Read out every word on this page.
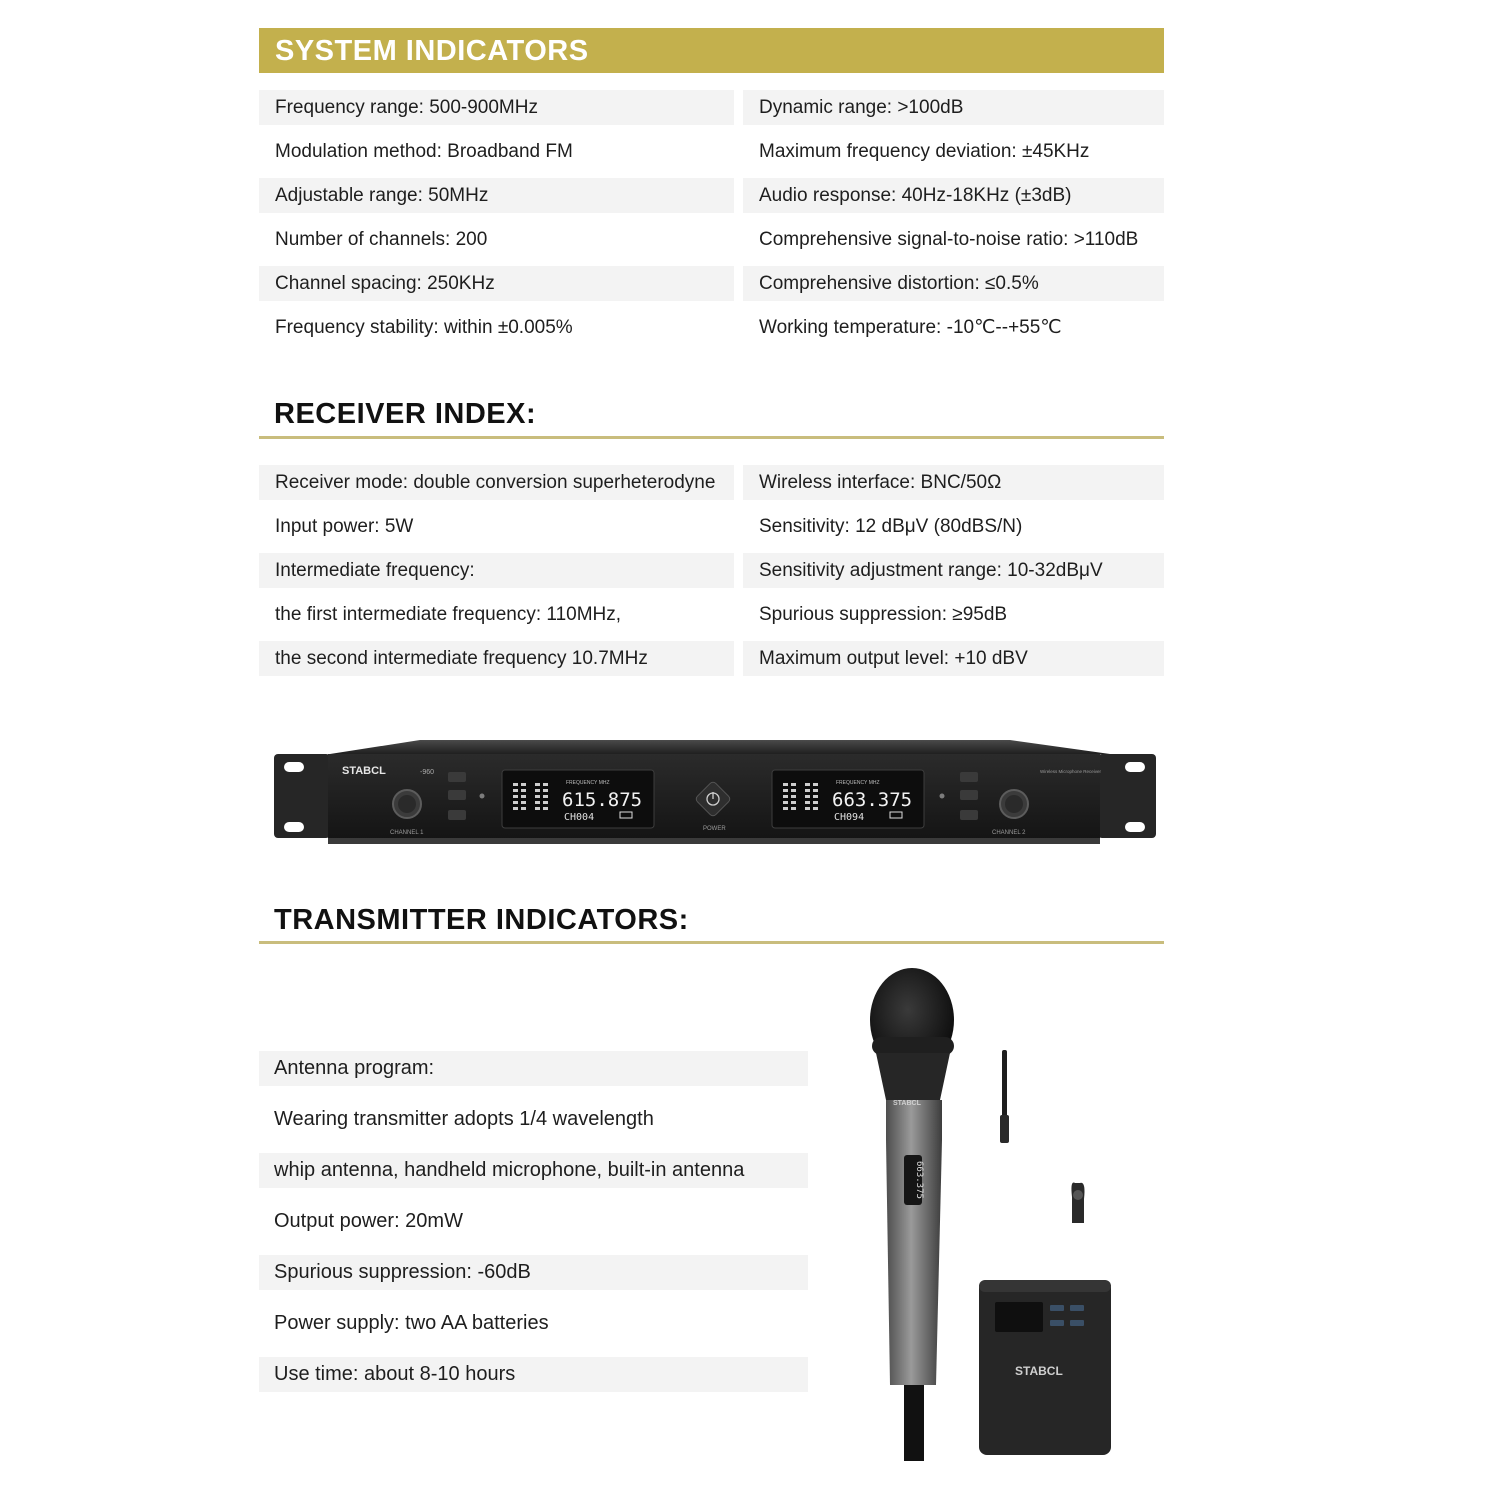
SYSTEM INDICATORS
Frequency range: 500-900MHz	Dynamic range: >100dB
Modulation method: Broadband FM	Maximum frequency deviation: ±45KHz
Adjustable range: 50MHz	Audio response: 40Hz-18KHz (±3dB)
Number of channels: 200	Comprehensive signal-to-noise ratio: >110dB
Channel spacing: 250KHz	Comprehensive distortion: ≤0.5%
Frequency stability: within ±0.005%	Working temperature: -10℃--+55℃
RECEIVER INDEX:
Receiver mode: double conversion superheterodyne	Wireless interface: BNC/50Ω
Input power: 5W	Sensitivity: 12 dBμV (80dBS/N)
Intermediate frequency:	Sensitivity adjustment range: 10-32dBμV
the first intermediate frequency: 110MHz,	Spurious suppression: ≥95dB
the second intermediate frequency 10.7MHz	Maximum output level: +10 dBV
STABCL	-960
CHANNEL 1
FREQUENCY MHZ
615.875
CH004
POWER
FREQUENCY MHZ
663.375
CH094
CHANNEL 2
Wireless Microphone Receiver
TRANSMITTER INDICATORS:
Antenna program:
Wearing transmitter adopts 1/4 wavelength
whip antenna, handheld microphone, built-in antenna
Output power: 20mW
Spurious suppression: -60dB
Power supply: two AA batteries
Use time: about 8-10 hours
663.375
STABCL
STABCL
